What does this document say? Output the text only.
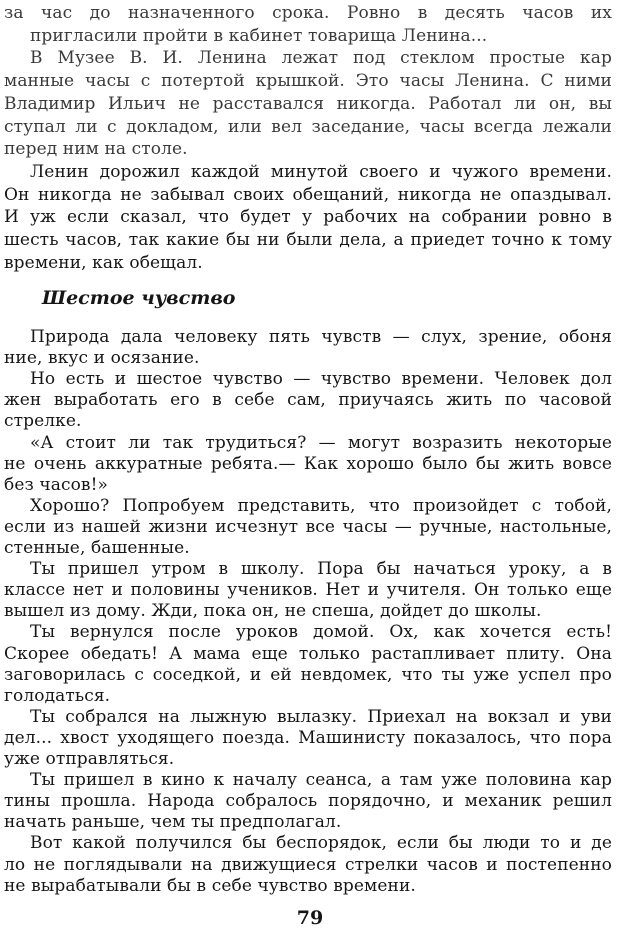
за час до назначенного срока. Ровно в десять часов их
пригласили пройти в кабинет товарища Ленина...
В Музее В. И. Ленина лежат под стеклом простые кар
манные часы с потертой крышкой. Это часы Ленина. С ними
Владимир Ильич не расставался никогда. Работал ли он, вы
ступал ли с докладом, или вел заседание, часы всегда лежали
перед ним на столе.
Ленин дорожил каждой минутой своего и чужого времени.
Он никогда не забывал своих обещаний, никогда не опаздывал.
И уж если сказал, что будет у рабочих на собрании ровно в
шесть часов, так какие бы ни были дела, а приедет точно к тому
времени, как обещал.
Шестое чувство
Природа дала человеку пять чувств — слух, зрение, обоня
ние, вкус и осязание.
Но есть и шестое чувство — чувство времени. Человек дол
жен выработать его в себе сам, приучаясь жить по часовой
стрелке.
«А стоит ли так трудиться? — могут возразить некоторые
не очень аккуратные ребята.— Как хорошо было бы жить вовсе
без часов!»
Хорошо? Попробуем представить, что произойдет с тобой,
если из нашей жизни исчезнут все часы — ручные, настольные,
стенные, башенные.
Ты пришел утром в школу. Пора бы начаться уроку, а в
классе нет и половины учеников. Нет и учителя. Он только еще
вышел из дому. Жди, пока он, не спеша, дойдет до школы.
Ты вернулся после уроков домой. Ох, как хочется есть!
Скорее обедать! А мама еще только растапливает плиту. Она
заговорилась с соседкой, и ей невдомек, что ты уже успел про
голодаться.
Ты собрался на лыжную вылазку. Приехал на вокзал и уви
дел... хвост уходящего поезда. Машинисту показалось, что пора
уже отправляться.
Ты пришел в кино к началу сеанса, а там уже половина кар
тины прошла. Народа собралось порядочно, и механик решил
начать раньше, чем ты предполагал.
Вот какой получился бы беспорядок, если бы люди то и де
ло не поглядывали на движущиеся стрелки часов и постепенно
не вырабатывали бы в себе чувство времени.
79
